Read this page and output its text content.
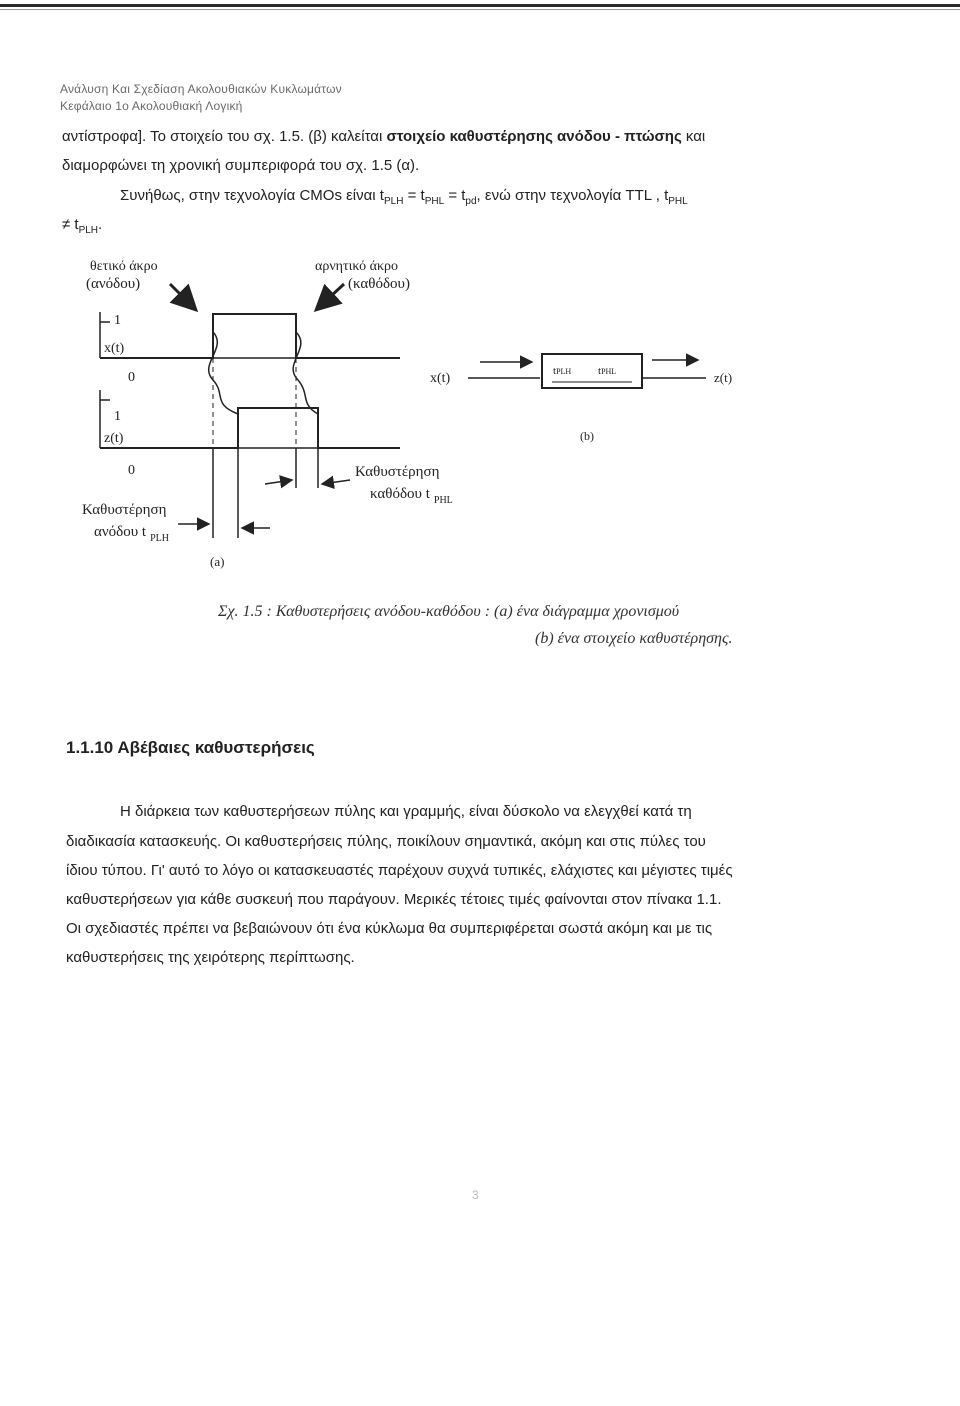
Ανάλυση Και Σχεδίαση Ακολουθιακών Κυκλωμάτων
Κεφάλαιο 1ο Ακολουθιακή Λογική
αντίστροφα]. Το στοιχείο του σχ. 1.5. (β) καλείται στοιχείο καθυστέρησης ανόδου - πτώσης και
διαμορφώνει τη χρονική συμπεριφορά του σχ. 1.5 (α).
Συνήθως, στην τεχνολογία CMOs είναι $t_{PLH} = t_{PHL} = t_{pd}$, ενώ στην τεχνολογία TTL , $t_{PHL}$
≠ $t_{PLH}$.
θετικό άκρο
(ανόδου)
αρνητικό άκρο
(καθόδου)
1
x(t)
0
1
z(t)
0	Καθυστέρηση
καθόδου t $_{PHL}$
Καθυστέρηση
ανόδου t $_{PLH}$
(a)
x(t)	tPLH tPHL	z(t)
(b)
Σχ. 1.5 : Καθυστερήσεις ανόδου-καθόδου : (a) ένα διάγραμμα χρονισμού
(b) ένα στοιχείο καθυστέρησης.
1.1.10 Αβέβαιες καθυστερήσεις
Η διάρκεια των καθυστερήσεων πύλης και γραμμής, είναι δύσκολο να ελεγχθεί κατά τη
διαδικασία κατασκευής. Οι καθυστερήσεις πύλης, ποικίλουν σημαντικά, ακόμη και στις πύλες του
ίδιου τύπου. Γι' αυτό το λόγο οι κατασκευαστές παρέχουν συχνά τυπικές, ελάχιστες και μέγιστες τιμές
καθυστερήσεων για κάθε συσκευή που παράγουν. Μερικές τέτοιες τιμές φαίνονται στον πίνακα 1.1.
Οι σχεδιαστές πρέπει να βεβαιώνουν ότι ένα κύκλωμα θα συμπεριφέρεται σωστά ακόμη και με τις
καθυστερήσεις της χειρότερης περίπτωσης.
3
